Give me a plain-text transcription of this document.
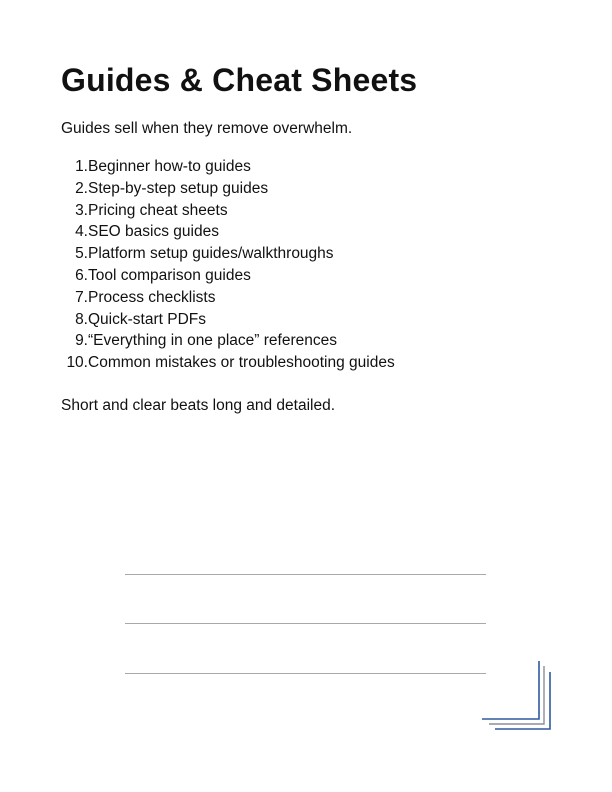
Guides & Cheat Sheets

Guides sell when they remove overwhelm.

1. Beginner how-to guides
2. Step-by-step setup guides
3. Pricing cheat sheets
4. SEO basics guides
5. Platform setup guides/walkthroughs
6. Tool comparison guides
7. Process checklists
8. Quick-start PDFs
9. “Everything in one place” references
10. Common mistakes or troubleshooting guides

Short and clear beats long and detailed.
